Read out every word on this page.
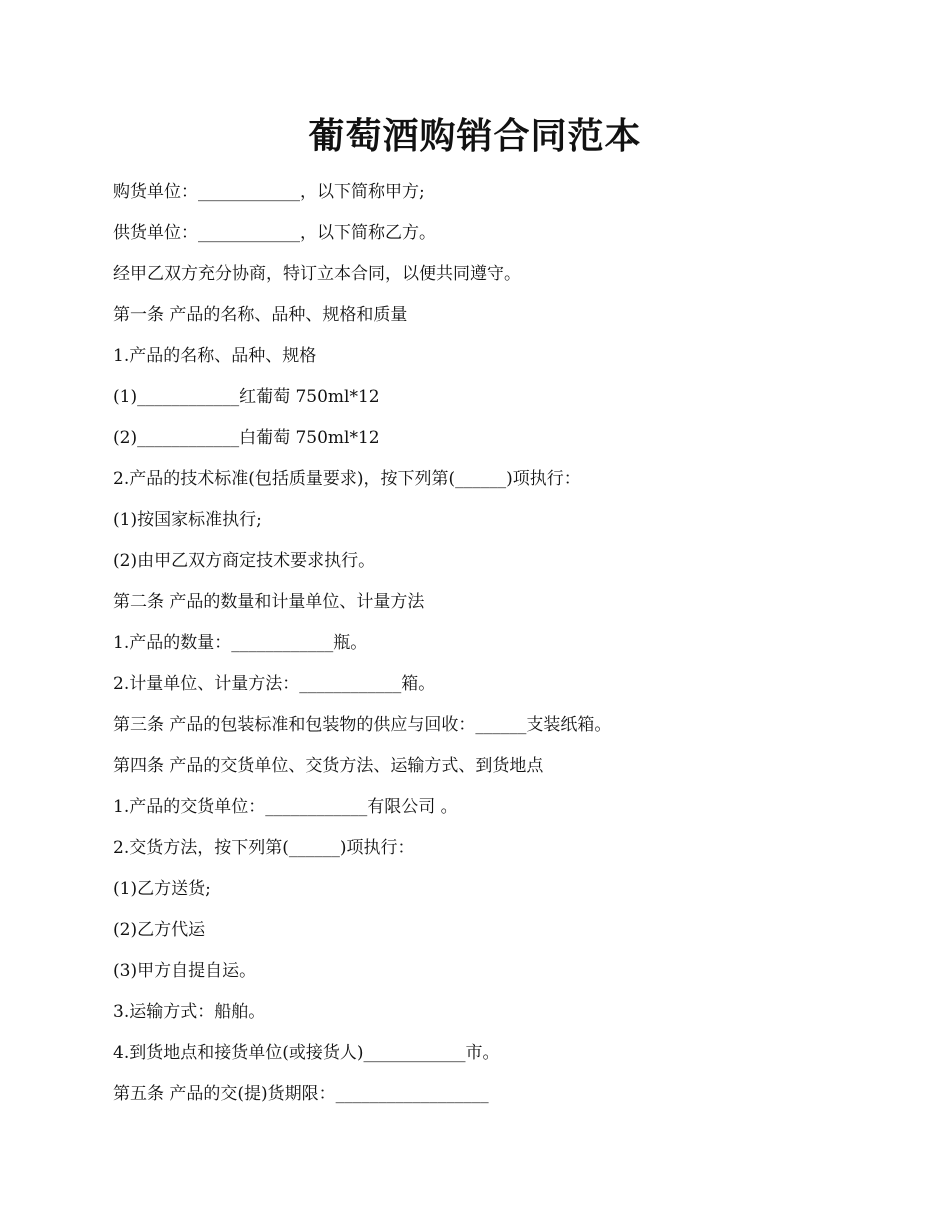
葡萄酒购销合同范本
购货单位：____________，以下简称甲方;
供货单位：____________，以下简称乙方。
经甲乙双方充分协商，特订立本合同，以便共同遵守。
第一条 产品的名称、品种、规格和质量
1.产品的名称、品种、规格
(1)____________红葡萄 750ml*12
(2)____________白葡萄 750ml*12
2.产品的技术标准(包括质量要求)，按下列第(______)项执行：
(1)按国家标准执行;
(2)由甲乙双方商定技术要求执行。
第二条 产品的数量和计量单位、计量方法
1.产品的数量：____________瓶。
2.计量单位、计量方法：____________箱。
第三条 产品的包装标准和包装物的供应与回收：______支装纸箱。
第四条 产品的交货单位、交货方法、运输方式、到货地点
1.产品的交货单位：____________有限公司 。
2.交货方法，按下列第(______)项执行：
(1)乙方送货;
(2)乙方代运
(3)甲方自提自运。
3.运输方式：船舶。
4.到货地点和接货单位(或接货人)____________市。
第五条 产品的交(提)货期限：__________________
